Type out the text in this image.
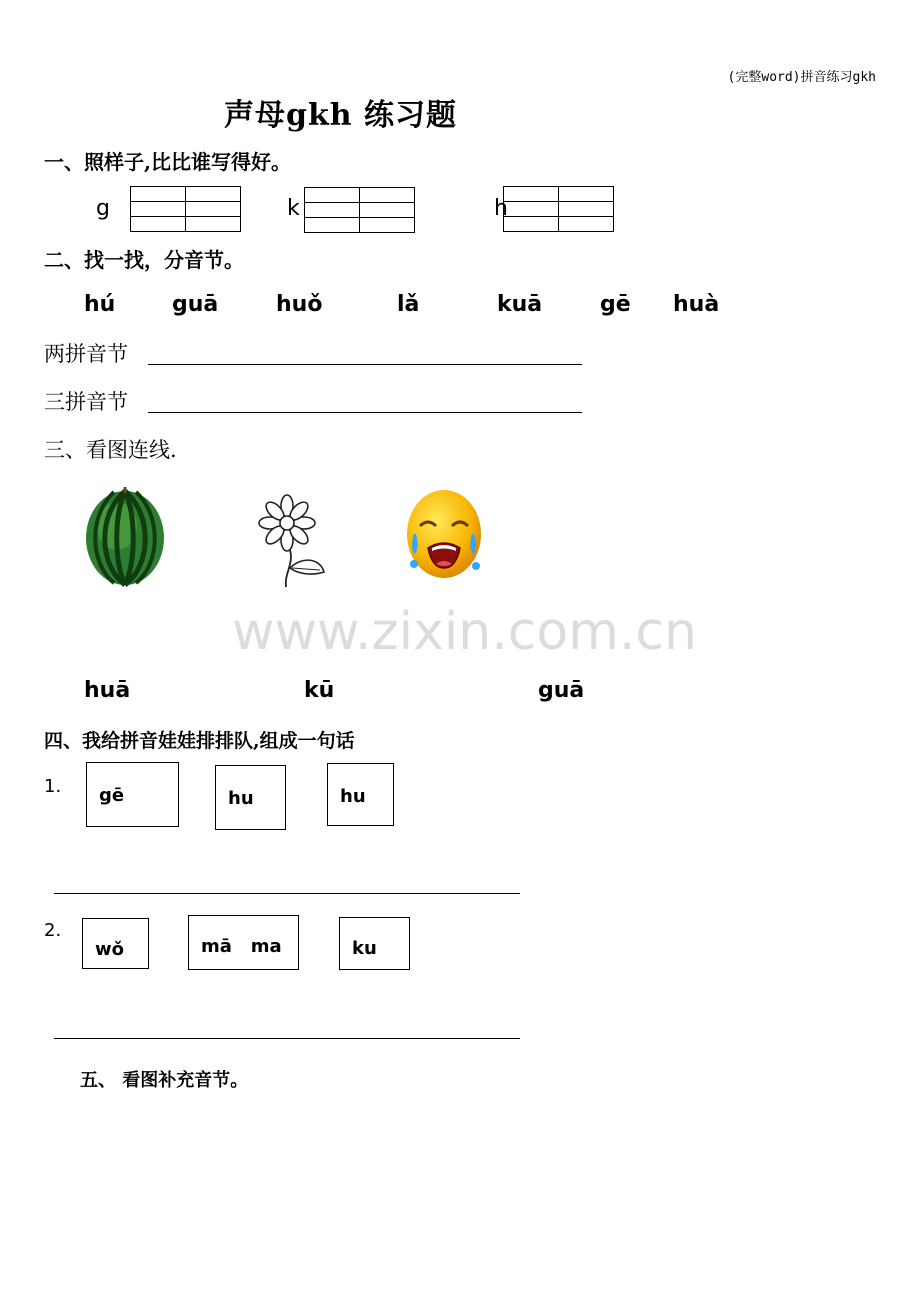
(完整word)拼音练习gkh
声母gkh 练习题
一、照样子,比比谁写得好。
g

		k

		h

二、找一找，分音节。
hú	guā	huǒ	lǎ	kuā	gē huà
两拼音节
三拼音节
三、看图连线.
www.zixin.com.cn
huā	kū	guā
四、我给拼音娃娃排排队,组成一句话
1. gē	hu	hu
2.
wǒ	mā   ma	ku
五、 看图补充音节。
